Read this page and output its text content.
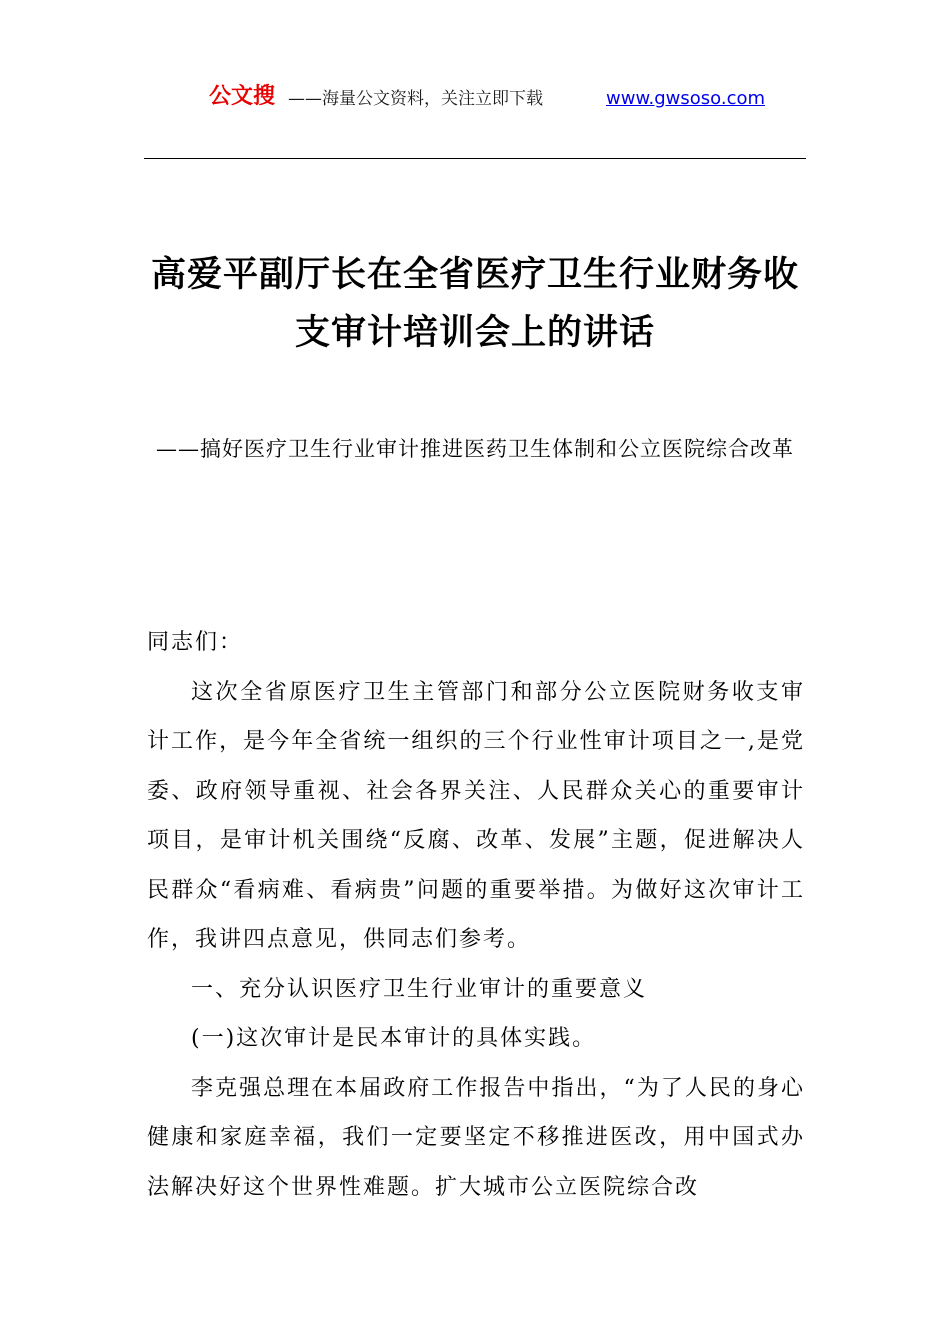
公文搜 ——海量公文资料，关注立即下载	www.gwsoso.com
高爱平副厅长在全省医疗卫生行业财务收支审计培训会上的讲话
——搞好医疗卫生行业审计推进医药卫生体制和公立医院综合改革

同志们：

这次全省原医疗卫生主管部门和部分公立医院财务收支审计工作，是今年全省统一组织的三个行业性审计项目之一,是党委、政府领导重视、社会各界关注、人民群众关心的重要审计项目，是审计机关围绕“反腐、改革、发展”主题，促进解决人民群众“看病难、看病贵”问题的重要举措。为做好这次审计工作，我讲四点意见，供同志们参考。

一、充分认识医疗卫生行业审计的重要意义

(一)这次审计是民本审计的具体实践。

李克强总理在本届政府工作报告中指出，“为了人民的身心健康和家庭幸福，我们一定要坚定不移推进医改，用中国式办法解决好这个世界性难题。扩大城市公立医院综合改
